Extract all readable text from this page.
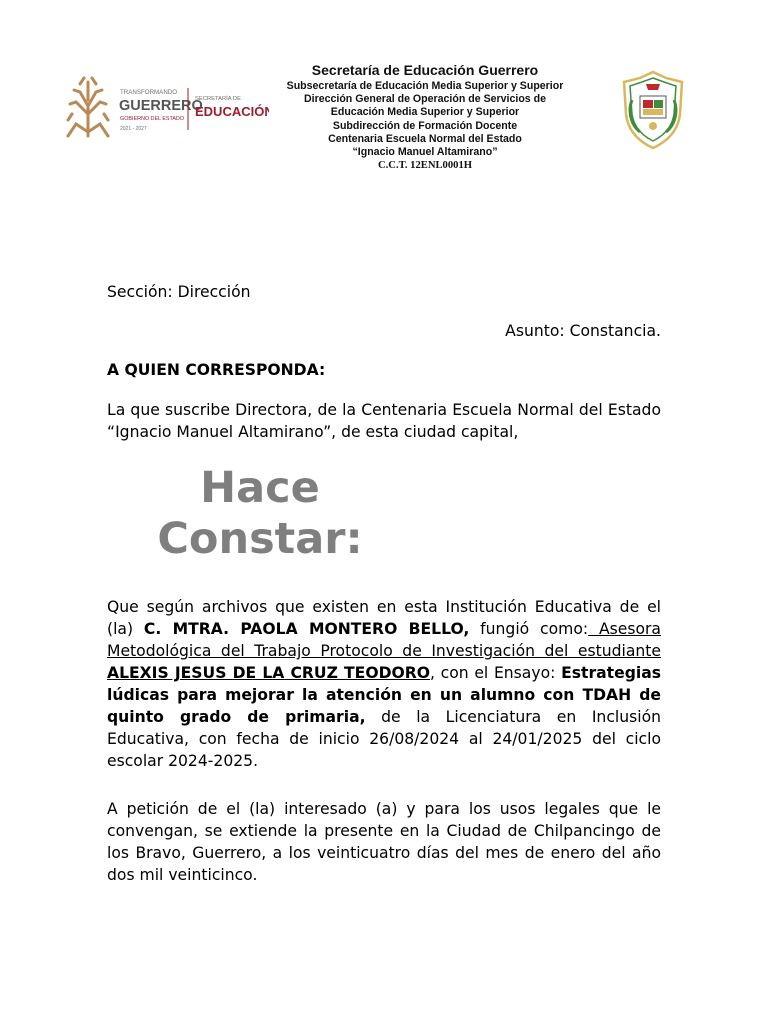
TRANSFORMANDO
GUERRERO
GOBIERNO DEL ESTADO
2021 - 2027
SECRETARÍA DE
EDUCACIÓN

Secretaría de Educación Guerrero

Subsecretaría de Educación Media Superior y Superior

Dirección General de Operación de Servicios de

Educación Media Superior y Superior

Subdirección de Formación Docente

Centenaria Escuela Normal del Estado

“Ignacio Manuel Altamirano”

C.C.T. 12ENL0001H

Sección: Dirección
Asunto: Constancia.
A QUIEN CORRESPONDA:
La que suscribe Directora, de la Centenaria Escuela Normal del Estado “Ignacio Manuel Altamirano”, de esta ciudad capital,
Hace Constar:
Que según archivos que existen en esta Institución Educativa de el (la) C. MTRA. PAOLA MONTERO BELLO, fungió como: Asesora Metodológica del Trabajo Protocolo de Investigación del estudiante ALEXIS JESUS DE LA CRUZ TEODORO, con el Ensayo: Estrategias lúdicas para mejorar la atención en un alumno con TDAH de quinto grado de primaria, de la Licenciatura en Inclusión Educativa, con fecha de inicio 26/08/2024 al 24/01/2025 del ciclo escolar 2024-2025.
A petición de el (la) interesado (a) y para los usos legales que le convengan, se extiende la presente en la Ciudad de Chilpancingo de los Bravo, Guerrero, a los veinticuatro días del mes de enero del año dos mil veinticinco.
